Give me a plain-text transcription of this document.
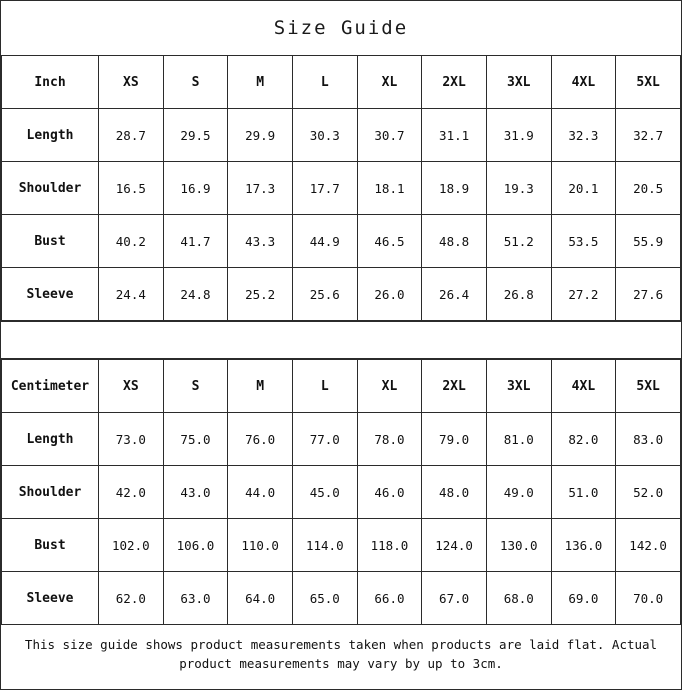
Size Guide
Inch	XS	S	M	L	XL	2XL	3XL	4XL	5XL
Length	28.7	29.5	29.9	30.3	30.7	31.1	31.9	32.3	32.7
Shoulder	16.5	16.9	17.3	17.7	18.1	18.9	19.3	20.1	20.5
Bust	40.2	41.7	43.3	44.9	46.5	48.8	51.2	53.5	55.9
Sleeve	24.4	24.8	25.2	25.6	26.0	26.4	26.8	27.2	27.6
Centimeter	XS	S	M	L	XL	2XL	3XL	4XL	5XL
Length	73.0	75.0	76.0	77.0	78.0	79.0	81.0	82.0	83.0
Shoulder	42.0	43.0	44.0	45.0	46.0	48.0	49.0	51.0	52.0
Bust	102.0	106.0	110.0	114.0	118.0	124.0	130.0	136.0	142.0
Sleeve	62.0	63.0	64.0	65.0	66.0	67.0	68.0	69.0	70.0
This size guide shows product measurements taken when products are laid flat. Actual product measurements may vary by up to 3cm.
